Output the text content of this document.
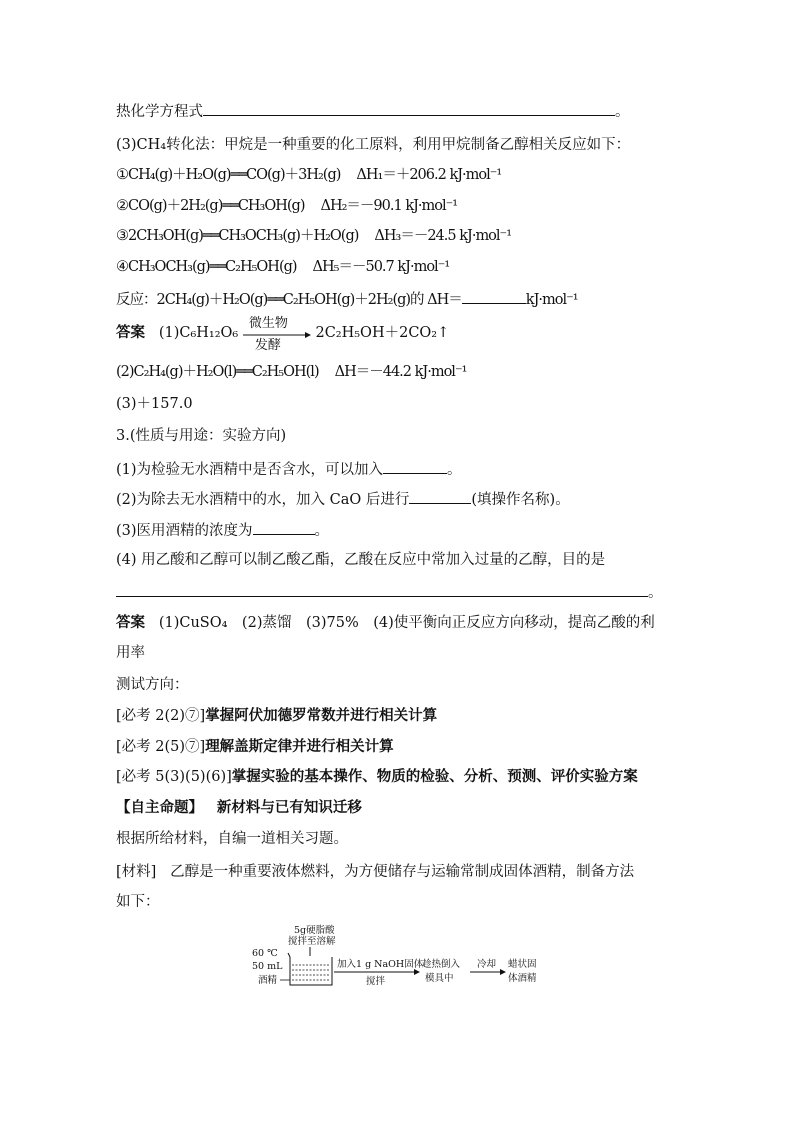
热化学方程式	。
(3)CH₄转化法：甲烷是一种重要的化工原料，利用甲烷制备乙醇相关反应如下：
①CH₄(g)＋H₂O(g)══CO(g)＋3H₂(g) ΔH₁＝＋206.2 kJ·mol⁻¹
②CO(g)＋2H₂(g)══CH₃OH(g) ΔH₂＝－90.1 kJ·mol⁻¹
③2CH₃OH(g)══CH₃OCH₃(g)＋H₂O(g) ΔH₃＝－24.5 kJ·mol⁻¹
④CH₃OCH₃(g)══C₂H₅OH(g) ΔH₅＝－50.7 kJ·mol⁻¹
反应：2CH₄(g)＋H₂O(g)══C₂H₅OH(g)＋2H₂(g)的 ΔH＝	kJ·mol⁻¹
答案 (1)C₆H₁₂O₆
微生物
发酵
2C₂H₅OH＋2CO₂↑
(2)C₂H₄(g)＋H₂O(l)══C₂H₅OH(l) ΔH＝－44.2 kJ·mol⁻¹
(3)＋157.0
3.(性质与用途：实验方向)
(1)为检验无水酒精中是否含水，可以加入	。
(2)为除去无水酒精中的水，加入 CaO 后进行	(填操作名称)。
(3)医用酒精的浓度为	。
(4) 用乙酸和乙醇可以制乙酸乙酯，乙酸在反应中常加入过量的乙醇，目的是
。
答案 (1)CuSO₄　(2)蒸馏　(3)75%　(4)使平衡向正反应方向移动，提高乙酸的利
用率
测试方向：
[必考 2(2)⑦]掌握阿伏加德罗常数并进行相关计算
[必考 2(5)⑦]理解盖斯定律并进行相关计算
[必考 5(3)(5)(6)]掌握实验的基本操作、物质的检验、分析、预测、评价实验方案
【自主命题】 新材料与已有知识迁移
根据所给材料，自编一道相关习题。
[材料] 乙醇是一种重要液体燃料，为方便储存与运输常制成固体酒精，制备方法
如下：
5g硬脂酸
搅拌至溶解
60 ℃
50 mL
酒精
加入1 g NaOH固体
搅拌
趁热倒入
模具中
冷却 蜡状固
体酒精
